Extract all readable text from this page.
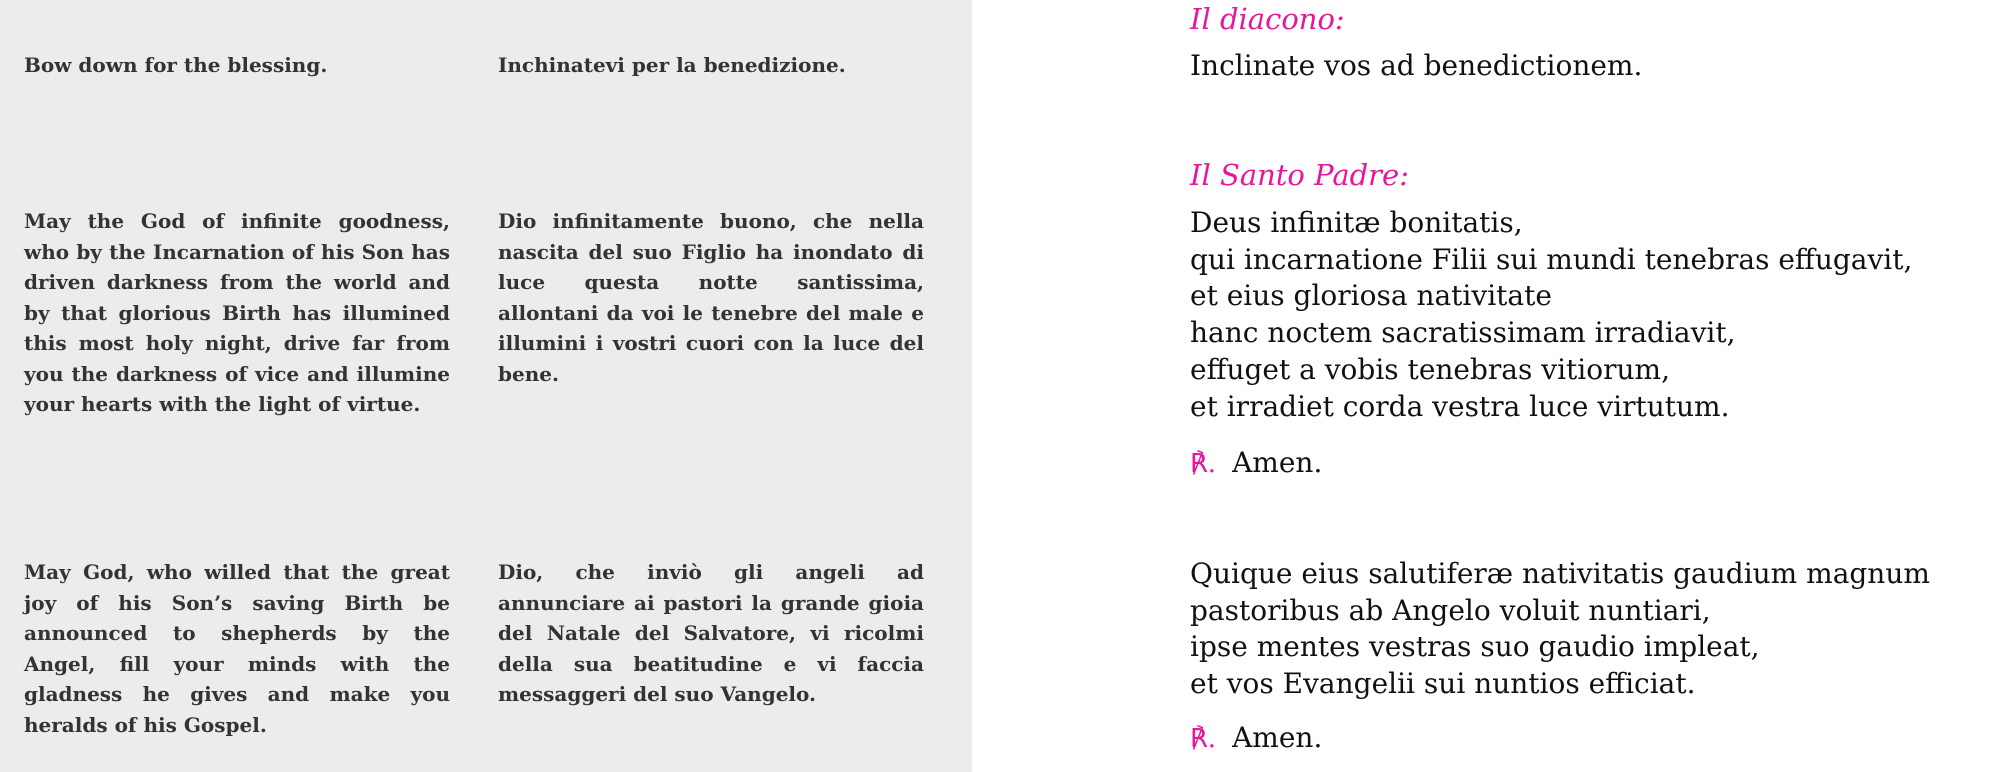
Bow down for the blessing.	Inchinatevi per la benedizione.

May the God of infinite goodness, who by the Incarnation of his Son has driven darkness from the world and by that glorious Birth has illumined this most holy night, drive far from you the darkness of vice and illumine your hearts with the light of virtue.

Dio infinitamente buono, che nella nascita del suo Figlio ha inondato di luce questa notte santissima, allontani da voi le tenebre del male e illumini i vostri cuori con la luce del bene.

May God, who willed that the great joy of his Son’s saving Birth be announced to shepherds by the Angel, fill your minds with the gladness he gives and make you heralds of his Gospel.

Dio, che inviò gli angeli ad annunciare ai pastori la grande gioia del Natale del Salvatore, vi ricolmi della sua beatitudine e vi faccia messaggeri del suo Vangelo.

Il diacono:

Inclinate vos ad benedictionem.

Il Santo Padre:

Deus infinitæ bonitatis,
qui incarnatione Filii sui mundi tenebras effugavit,
et eius gloriosa nativitate
hanc noctem sacratissimam irradiavit,
effuget a vobis tenebras vitiorum,
et irradiet corda vestra luce virtutum.

℟. Amen.

Quique eius salutiferæ nativitatis gaudium magnum
pastoribus ab Angelo voluit nuntiari,
ipse mentes vestras suo gaudio impleat,
et vos Evangelii sui nuntios efficiat.

℟. Amen.
